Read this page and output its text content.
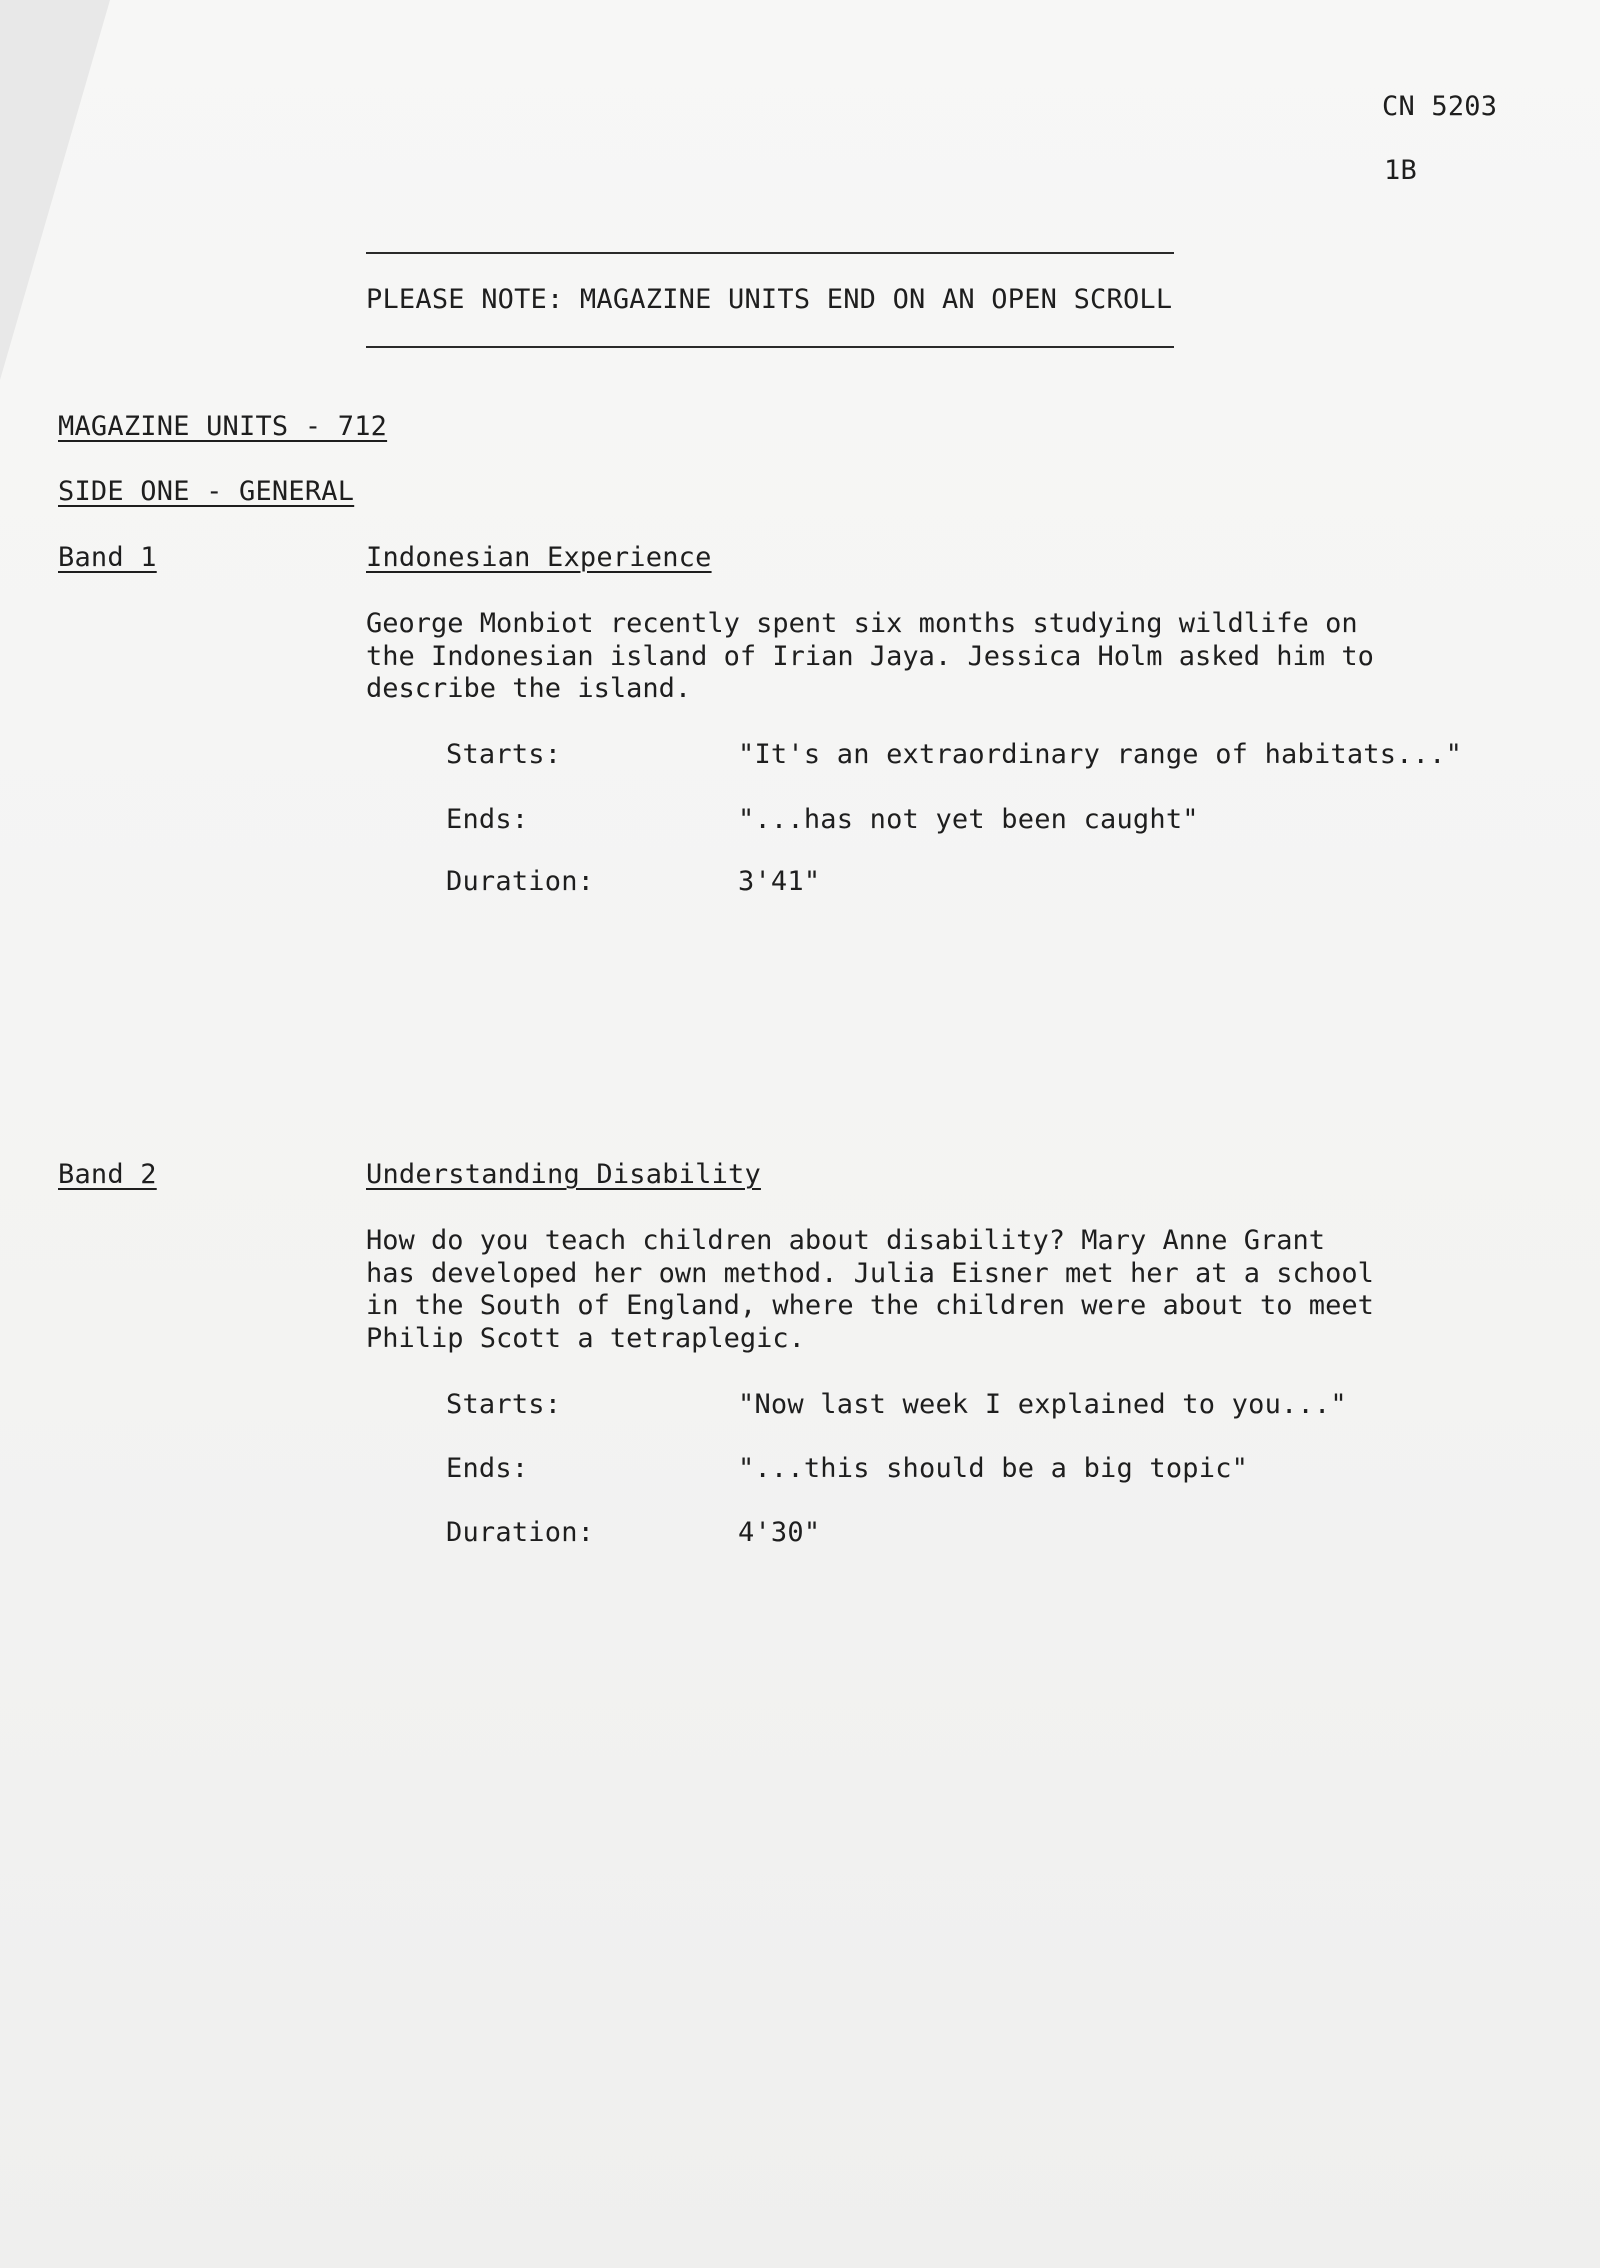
CN 5203
1B
PLEASE NOTE: MAGAZINE UNITS END ON AN OPEN SCROLL
MAGAZINE UNITS - 712
SIDE ONE - GENERAL
Band 1	Indonesian Experience
George Monbiot recently spent six months studying wildlife on
the Indonesian island of Irian Jaya. Jessica Holm asked him to
describe the island.
Starts:	"It's an extraordinary range of habitats..."
Ends:	"...has not yet been caught"
Duration:	3'41"
Band 2	Understanding Disability
How do you teach children about disability? Mary Anne Grant
has developed her own method. Julia Eisner met her at a school
in the South of England, where the children were about to meet
Philip Scott a tetraplegic.
Starts:	"Now last week I explained to you..."
Ends:	"...this should be a big topic"
Duration:	4'30"
